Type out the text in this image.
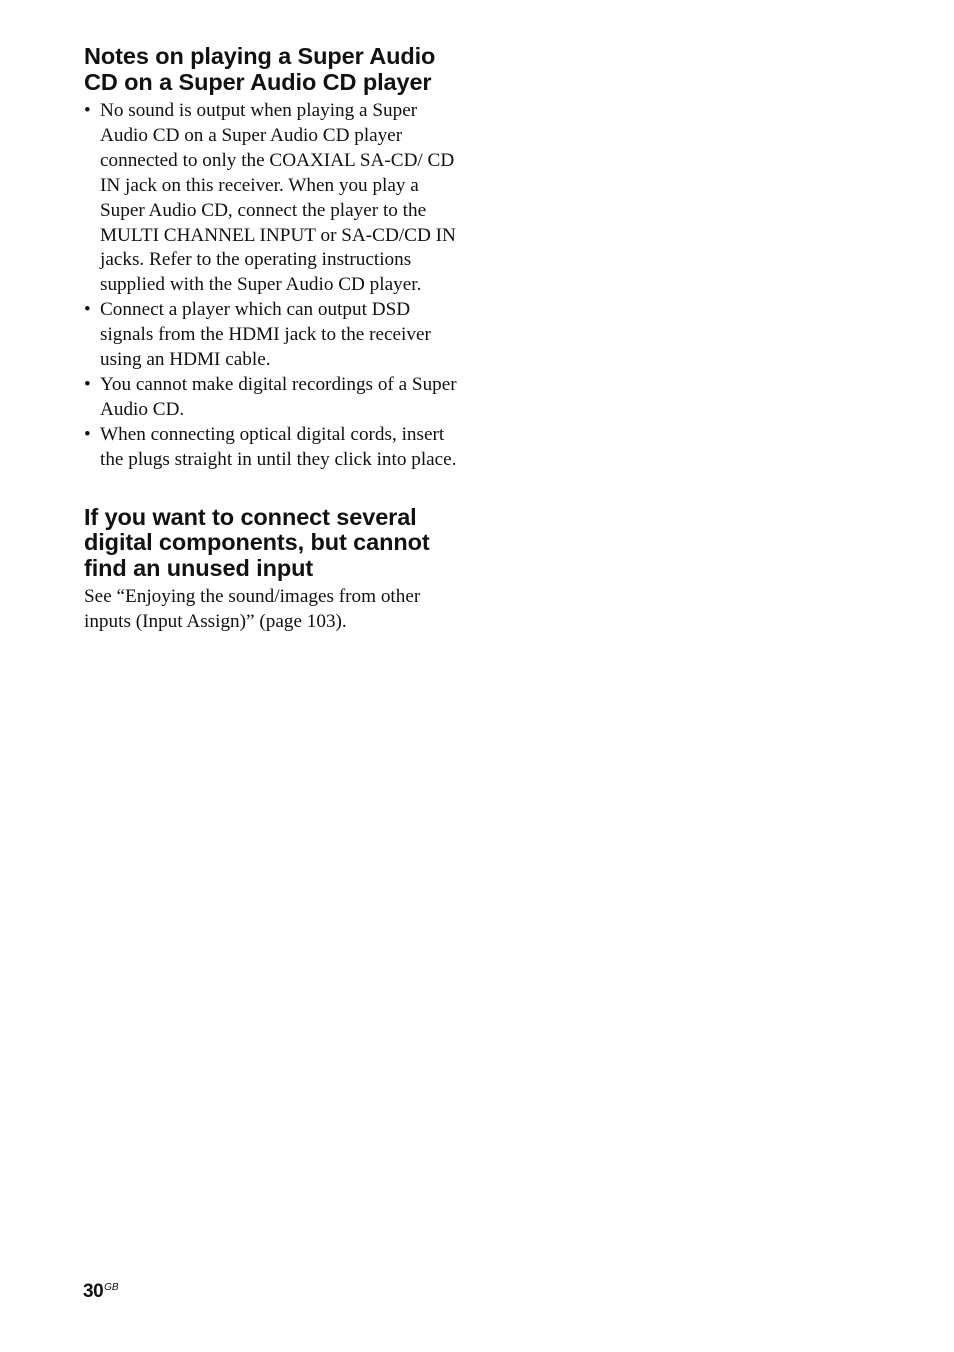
Notes on playing a Super Audio
CD on a Super Audio CD player
• No sound is output when playing a Super Audio CD on a Super Audio CD player connected to only the COAXIAL SA-CD/ CD IN jack on this receiver. When you play a Super Audio CD, connect the player to the MULTI CHANNEL INPUT or SA-CD/CD IN jacks. Refer to the operating instructions supplied with the Super Audio CD player.
• Connect a player which can output DSD signals from the HDMI jack to the receiver using an HDMI cable.
• You cannot make digital recordings of a Super Audio CD.
• When connecting optical digital cords, insert the plugs straight in until they click into place.
If you want to connect several
digital components, but cannot
find an unused input

See “Enjoying the sound/images from other inputs (Input Assign)” (page 103).

$30^{GB}$
